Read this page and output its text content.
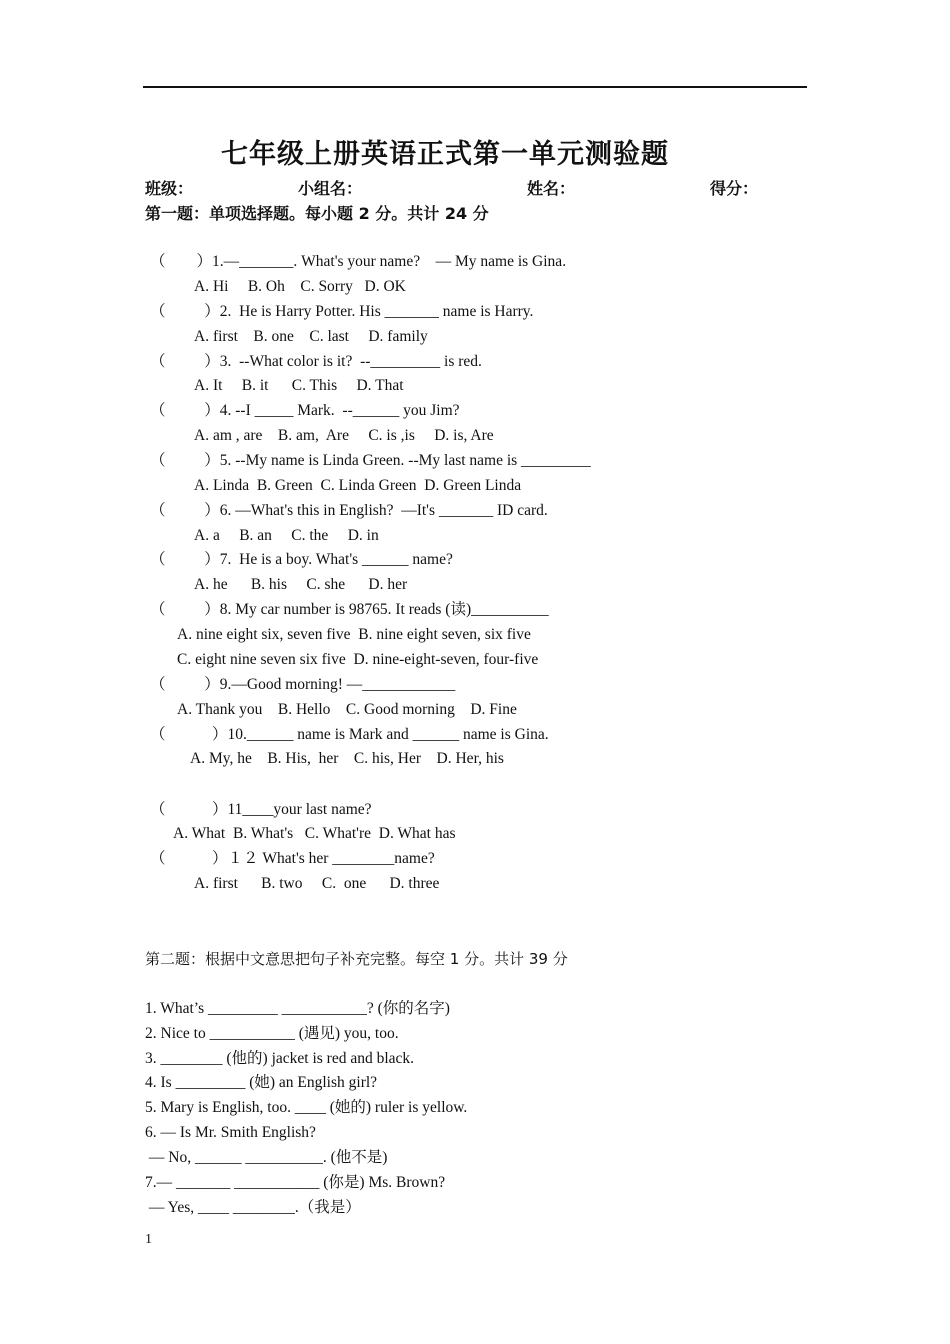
七年级上册英语正式第一单元测验题
班级：	小组名：	姓名：	得分：
第一题：单项选择题。每小题 2 分。共计 24 分
（　　）1.—_______. What's your name?    — My name is Gina.
A. Hi     B. Oh    C. Sorry   D. OK
（　　  ）2.  He is Harry Potter. His _______ name is Harry.
A. first    B. one    C. last     D. family
（　　  ）3.  --What color is it?  --_________ is red.
A. It     B. it      C. This     D. That
（　　  ）4. --I _____ Mark.  --______ you Jim?
A. am , are    B. am,  Are     C. is ,is     D. is, Are
（　　  ）5. --My name is Linda Green. --My last name is _________
A. Linda  B. Green  C. Linda Green  D. Green Linda
（　　  ）6. —What's this in English?  —It's _______ ID card.
A. a     B. an     C. the     D. in
（　　  ）7.  He is a boy. What's ______ name?
A. he      B. his     C. she      D. her
（　　  ）8. My car number is 98765. It reads (读)__________
A. nine eight six, seven five  B. nine eight seven, six five
C. eight nine seven six five  D. nine-eight-seven, four-five
（　　  ）9.—Good morning! —____________
A. Thank you    B. Hello    C. Good morning    D. Fine
（　　    ）10.______ name is Mark and ______ name is Gina.
A. My, he    B. His,  her    C. his, Her    D. Her, his
（　　    ）11____your last name?
A. What  B. What's   C. What're  D. What has
（　　    ）１２ What's her ________name?
A. first      B. two     C.  one      D. three
第二题：根据中文意思把句子补充完整。每空 1 分。共计 39 分
1. What’s _________ ___________? (你的名字)
2. Nice to ___________ (遇见) you, too.
3. ________ (他的) jacket is red and black.
4. Is _________ (她) an English girl?
5. Mary is English, too. ____ (她的) ruler is yellow.
6. — Is Mr. Smith English?
— No, ______ __________. (他不是)
7.— _______ ___________ (你是) Ms. Brown?
— Yes, ____ ________.（我是）
1
